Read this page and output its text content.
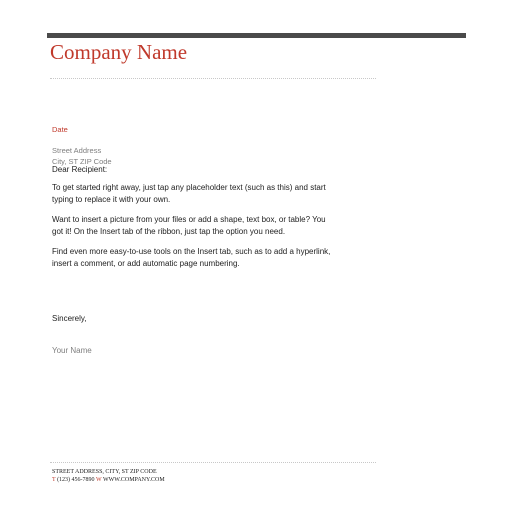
Company Name
Date
Street Address
City, ST ZIP Code
Dear Recipient:
To get started right away, just tap any placeholder text (such as this) and start
typing to replace it with your own.
Want to insert a picture from your files or add a shape, text box, or table? You
got it! On the Insert tab of the ribbon, just tap the option you need.
Find even more easy-to-use tools on the Insert tab, such as to add a hyperlink,
insert a comment, or add automatic page numbering.
Sincerely,
Your Name
STREET ADDRESS, CITY, ST ZIP CODE
T (123) 456-7890 W WWW.COMPANY.COM
